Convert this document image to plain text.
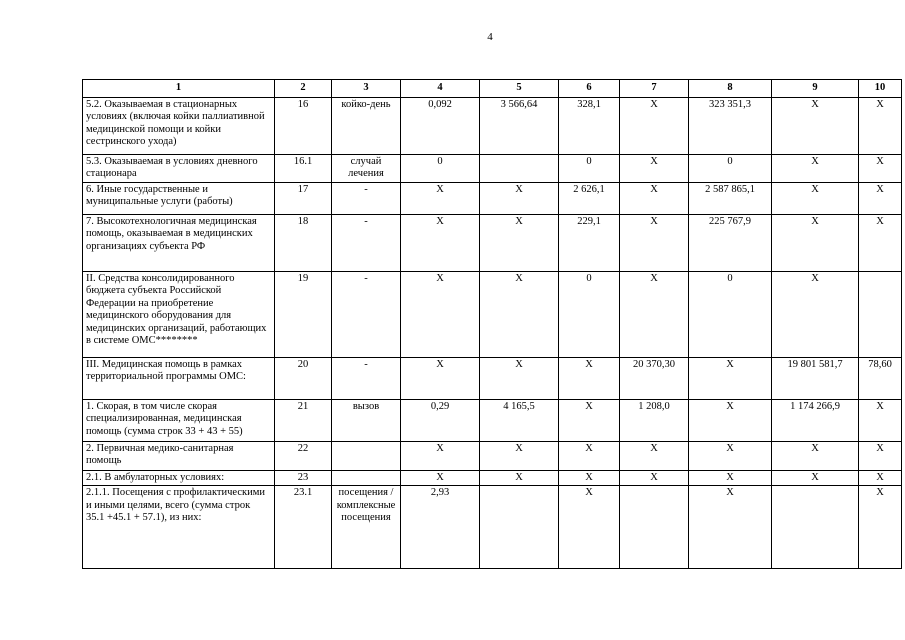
4
1	2	3	4	5	6	7	8	9	10
5.2. Оказываемая в стационарных условиях (включая койки паллиативной медицинской помощи и койки сестринского ухода)	16	койко-день	0,092	3 566,64	328,1	X	323 351,3	X	X
5.3. Оказываемая в условиях дневного стационара	16.1	случай лечения	0		0	X	0	X	X
6. Иные государственные и муниципальные услуги (работы)	17	-	X	X	2 626,1	X	2 587 865,1	X	X
7. Высокотехнологичная медицинская помощь, оказываемая в медицинских организациях субъекта РФ	18	-	X	X	229,1	X	225 767,9	X	X
II. Средства консолидированного бюджета субъекта Российской Федерации на приобретение медицинского оборудования для медицинских организаций, работающих в системе ОМС********	19	-	X	X	0	X	0	X	
III. Медицинская помощь в рамках территориальной программы ОМС:	20	-	X	X	X	20 370,30	X	19 801 581,7	78,60
1. Скорая, в том числе скорая специализированная, медицинская помощь (сумма строк 33 + 43 + 55)	21	вызов	0,29	4 165,5	X	1 208,0	X	1 174 266,9	X
2. Первичная медико-санитарная помощь	22		X	X	X	X	X	X	X
2.1. В амбулаторных условиях:	23		X	X	X	X	X	X	X
2.1.1. Посещения с профилактическими и иными целями, всего (сумма строк 35.1 +45.1 + 57.1), из них:	23.1	посещения / комплексные посещения	2,93		X		X		X
